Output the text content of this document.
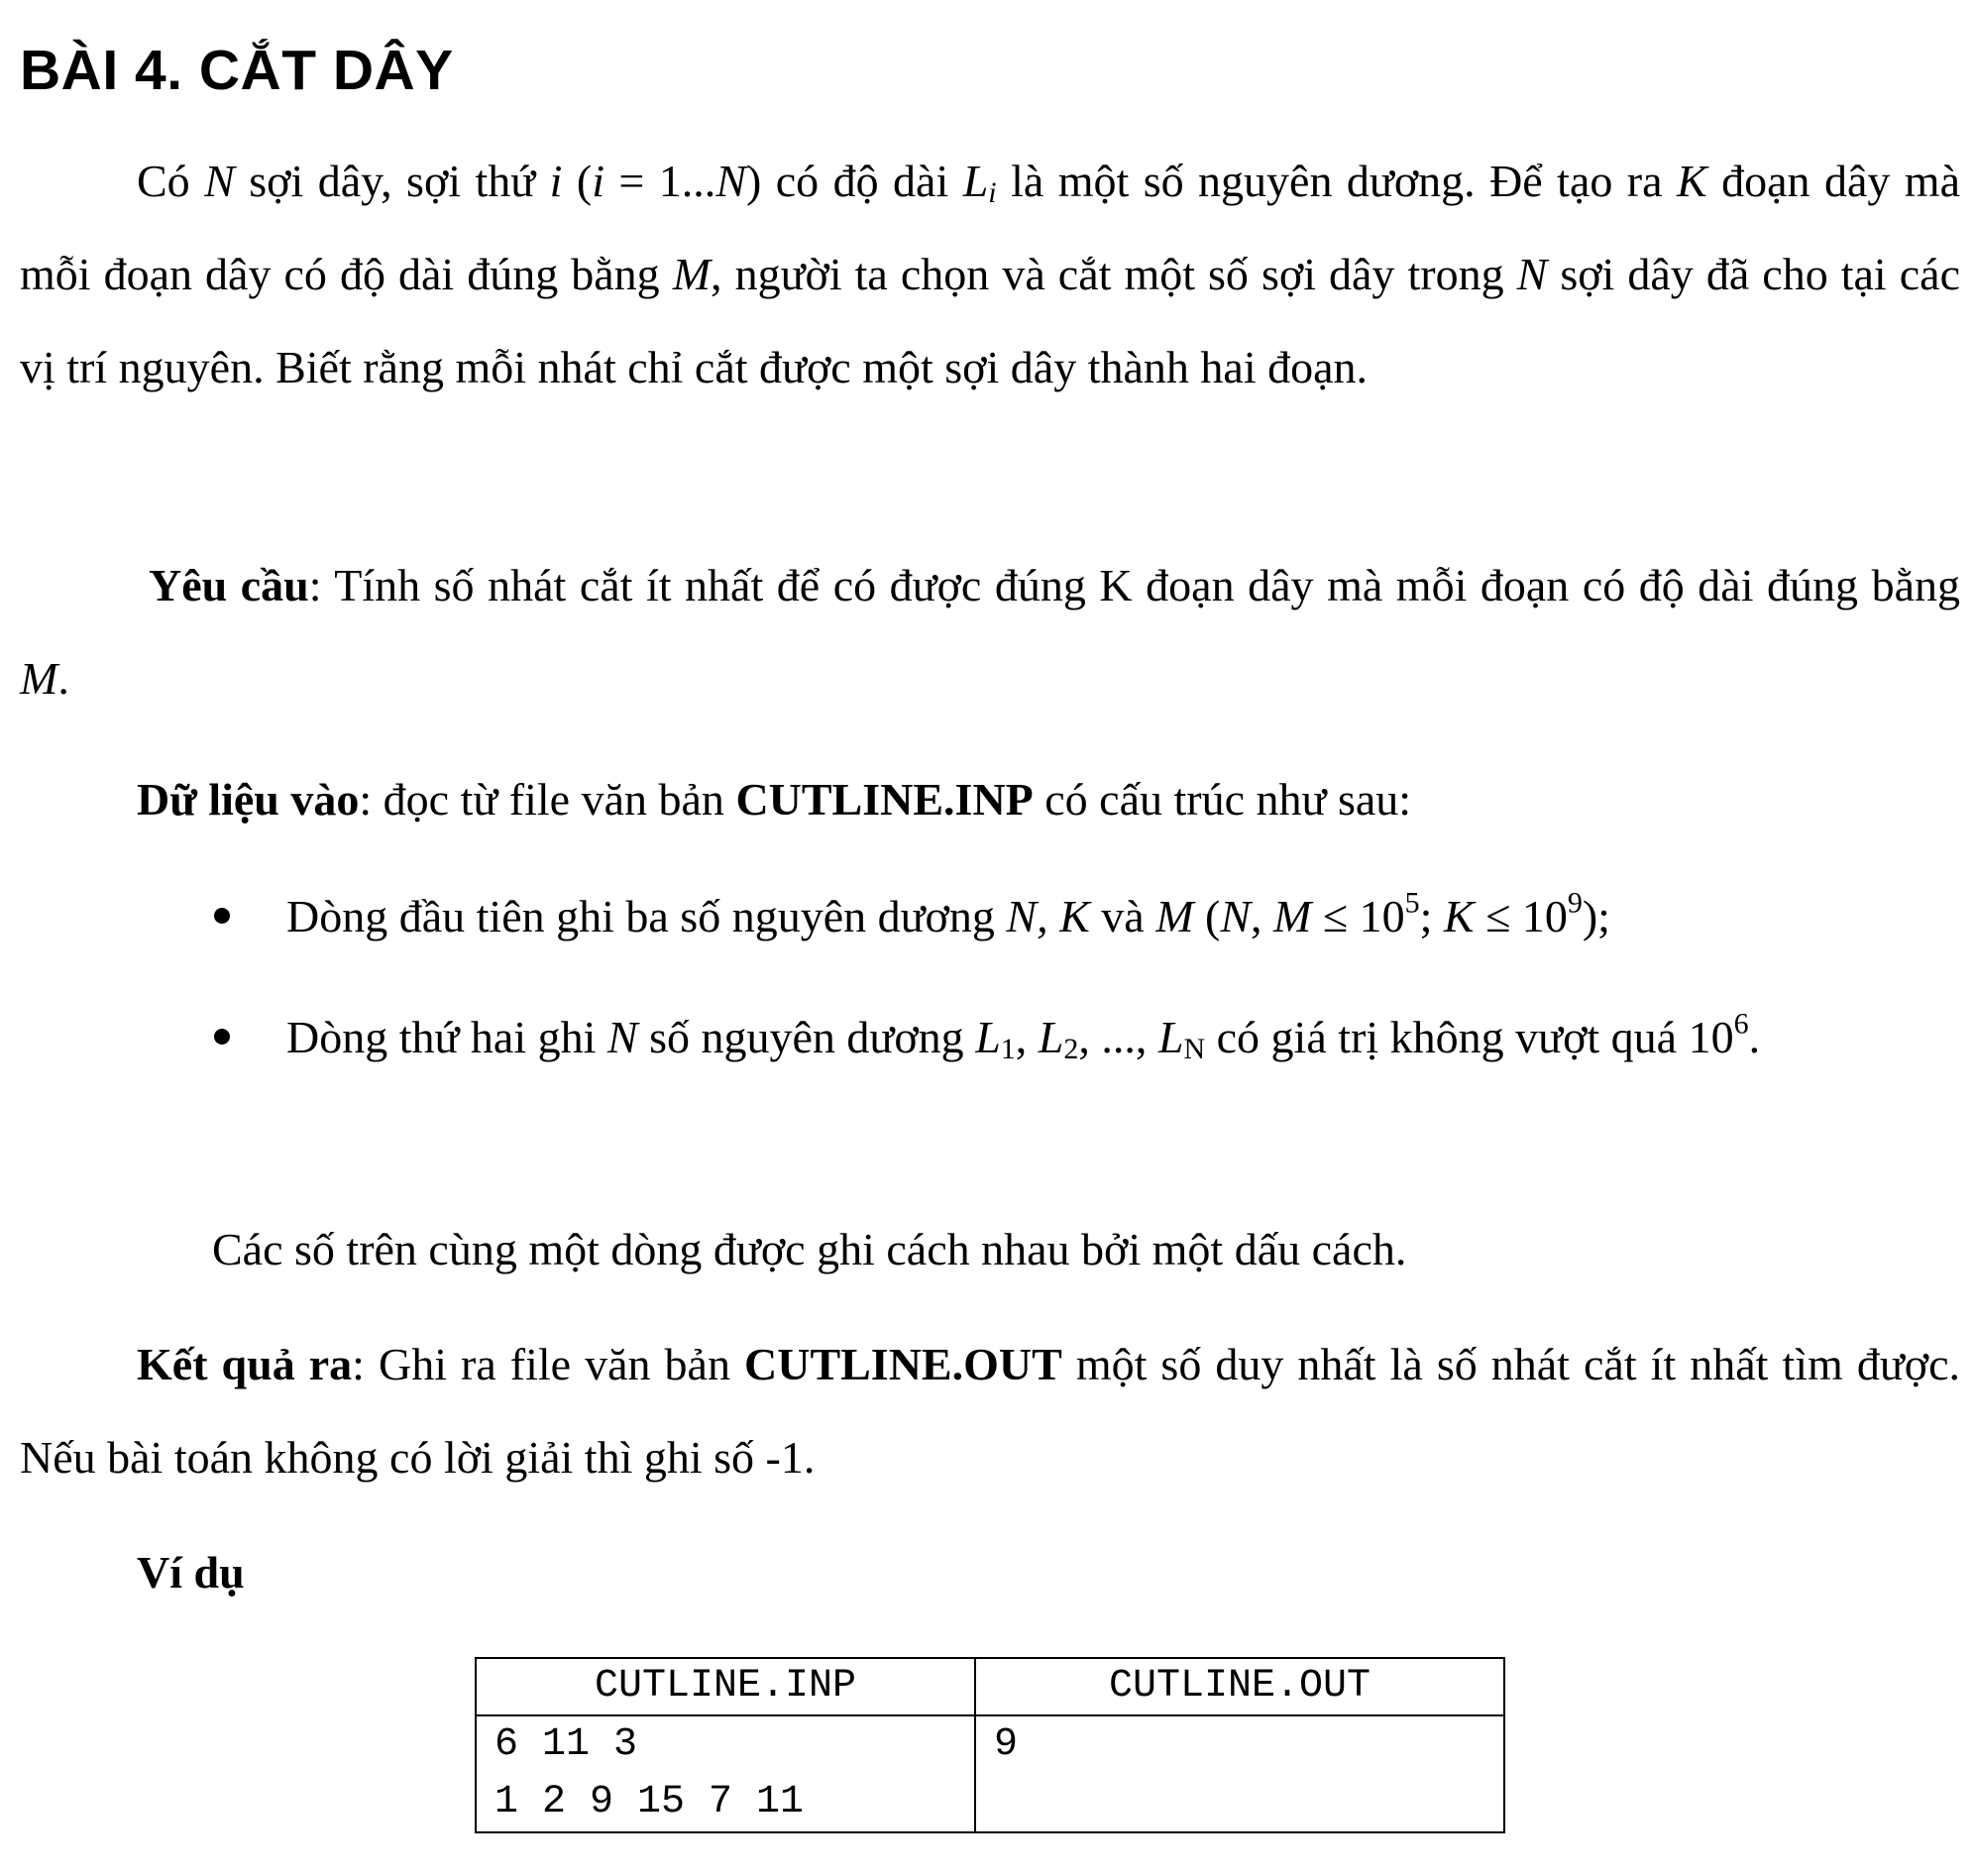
BÀI 4. CẮT DÂY

Có N sợi dây, sợi thứ i (i = 1...N) có độ dài $L_i$ là một số nguyên dương. Để tạo ra K đoạn dây mà mỗi đoạn dây có độ dài đúng bằng M, người ta chọn và cắt một số sợi dây trong N sợi dây đã cho tại các vị trí nguyên. Biết rằng mỗi nhát chỉ cắt được một sợi dây thành hai đoạn.

Yêu cầu: Tính số nhát cắt ít nhất để có được đúng K đoạn dây mà mỗi đoạn có độ dài đúng bằng M.

Dữ liệu vào: đọc từ file văn bản CUTLINE.INP có cấu trúc như sau:

Dòng đầu tiên ghi ba số nguyên dương N, K và M (N, $M \le 10^5$; $K \le 10^9$);
Dòng thứ hai ghi N số nguyên dương $L_1$, $L_2$, ..., $L_N$ có giá trị không vượt quá $10^6$.

Các số trên cùng một dòng được ghi cách nhau bởi một dấu cách.

Kết quả ra: Ghi ra file văn bản CUTLINE.OUT một số duy nhất là số nhát cắt ít nhất tìm được. Nếu bài toán không có lời giải thì ghi số -1.

Ví dụ
CUTLINE.INP	CUTLINE.OUT

6 11 3
1 2 9 15 7 11	9
